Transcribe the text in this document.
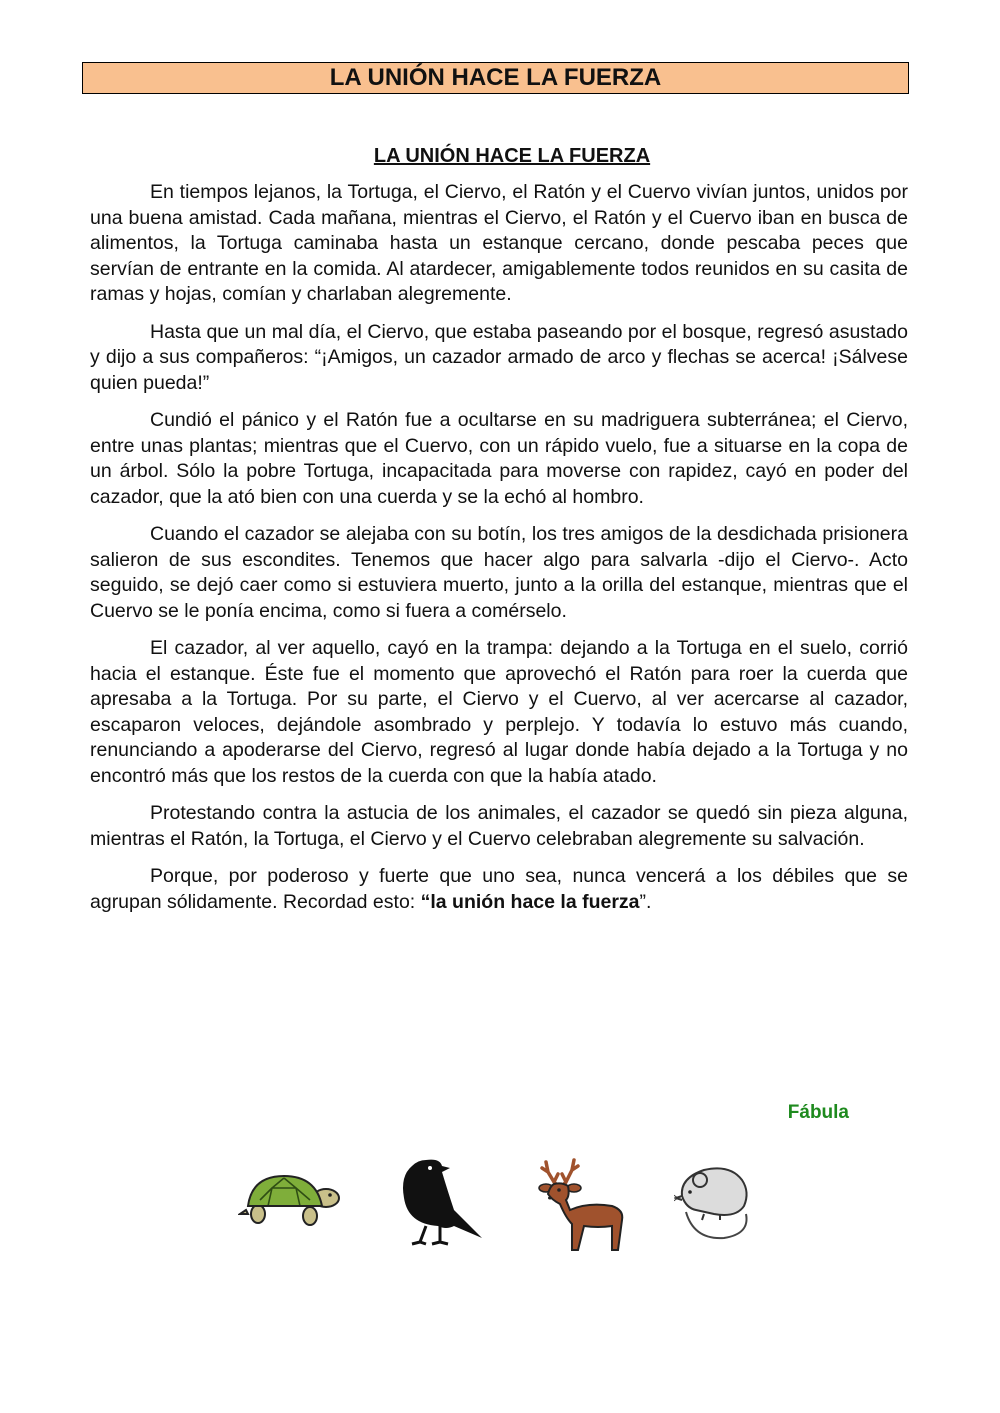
LA UNIÓN HACE LA FUERZA
LA UNIÓN HACE LA FUERZA

En tiempos lejanos, la Tortuga, el Ciervo, el Ratón y el Cuervo vivían juntos, unidos por una buena amistad. Cada mañana, mientras el Ciervo, el Ratón y el Cuervo iban en busca de alimentos, la Tortuga caminaba hasta un estanque cercano, donde pescaba peces que servían de entrante en la comida. Al atardecer, amigablemente todos reunidos en su casita de ramas y hojas, comían y charlaban alegremente.

Hasta que un mal día, el Ciervo, que estaba paseando por el bosque, regresó asustado y dijo a sus compañeros: “¡Amigos, un cazador armado de arco y flechas se acerca! ¡Sálvese quien pueda!”

Cundió el pánico y el Ratón fue a ocultarse en su madriguera subterránea; el Ciervo, entre unas plantas; mientras que el Cuervo, con un rápido vuelo, fue a situarse en la copa de un árbol. Sólo la pobre Tortuga, incapacitada para moverse con rapidez, cayó en poder del cazador, que la ató bien con una cuerda y se la echó al hombro.

Cuando el cazador se alejaba con su botín, los tres amigos de la desdichada prisionera salieron de sus escondites. Tenemos que hacer algo para salvarla -dijo el Ciervo-. Acto seguido, se dejó caer como si estuviera muerto, junto a la orilla del estanque, mientras que el Cuervo se le ponía encima, como si fuera a comérselo.

El cazador, al ver aquello, cayó en la trampa: dejando a la Tortuga en el suelo, corrió hacia el estanque. Éste fue el momento que aprovechó el Ratón para roer la cuerda que apresaba a la Tortuga. Por su parte, el Ciervo y el Cuervo, al ver acercarse al cazador, escaparon veloces, dejándole asombrado y perplejo. Y todavía lo estuvo más cuando, renunciando a apoderarse del Ciervo, regresó al lugar donde había dejado a la Tortuga y no encontró más que los restos de la cuerda con que la había atado.

Protestando contra la astucia de los animales, el cazador se quedó sin pieza alguna, mientras el Ratón, la Tortuga, el Ciervo y el Cuervo celebraban alegremente su salvación.

Porque, por poderoso y fuerte que uno sea, nunca vencerá a los débiles que se agrupan sólidamente. Recordad esto: “la unión hace la fuerza”.

Fábula
